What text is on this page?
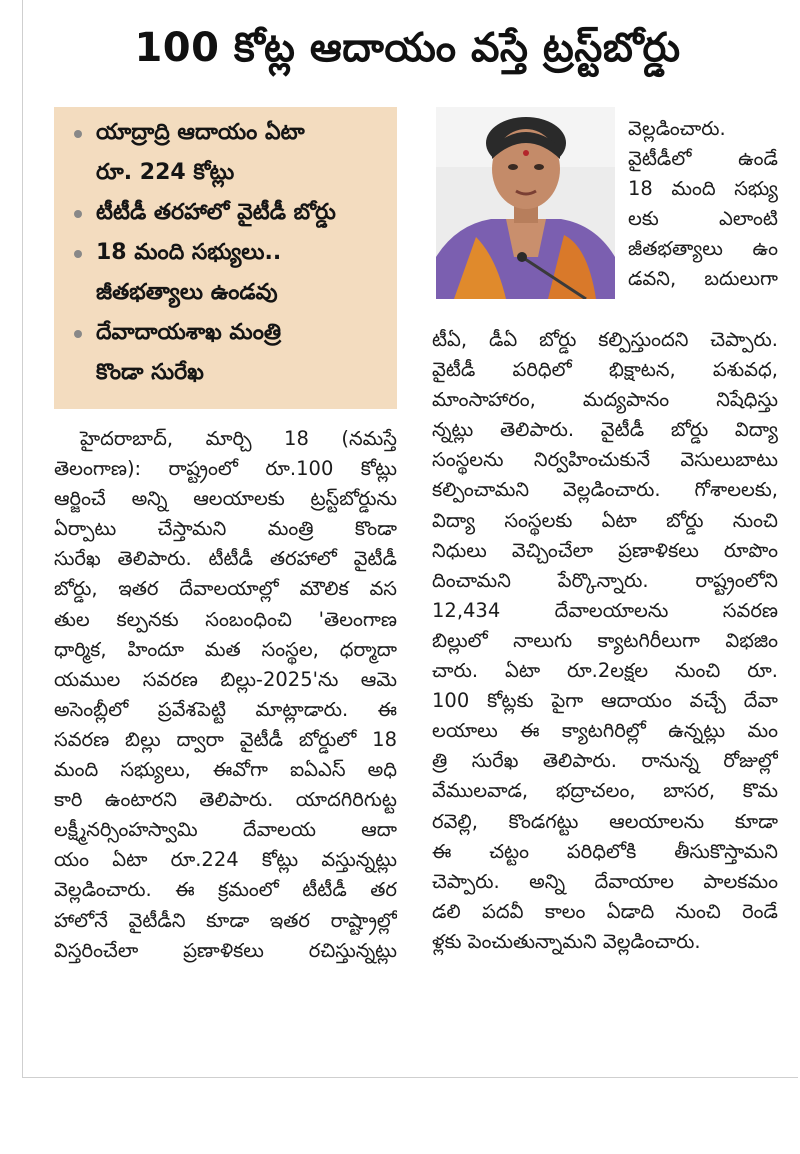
100 కోట్ల ఆదాయం వస్తే ట్రస్ట్‌బోర్డు
యాద్రాద్రి ఆదాయం ఏటా
రూ. 224 కోట్లు
టీటీడీ తరహాలో వైటీడీ బోర్డు
18 మంది సభ్యులు..
జీతభత్యాలు ఉండవు
దేవాదాయశాఖ మంత్రి
కొండా సురేఖ
హైదరాబాద్, మార్చి 18 (నమస్తే
తెలంగాణ): రాష్ట్రంలో రూ.100 కోట్లు
ఆర్జించే అన్ని ఆలయాలకు ట్రస్ట్‌బోర్డును
ఏర్పాటు చేస్తామని మంత్రి కొండా
సురేఖ తెలిపారు. టీటీడీ తరహాలో వైటీడీ
బోర్డు, ఇతర దేవాలయాల్లో మౌలిక వస
తుల కల్పనకు సంబంధించి 'తెలంగాణ
ధార్మిక, హిందూ మత సంస్థల, ధర్మాదా
యముల సవరణ బిల్లు-2025'ను ఆమె
అసెంబ్లీలో ప్రవేశపెట్టి మాట్లాడారు. ఈ
సవరణ బిల్లు ద్వారా వైటీడీ బోర్డులో 18
మంది సభ్యులు, ఈవోగా ఐఏఎస్ అధి
కారి ఉంటారని తెలిపారు. యాదగిరిగుట్ట
లక్ష్మీనర్సింహస్వామి దేవాలయ ఆదా
యం ఏటా రూ.224 కోట్లు వస్తున్నట్లు
వెల్లడించారు. ఈ క్రమంలో టీటీడీ తర
హాలోనే వైటీడీని కూడా ఇతర రాష్ట్రాల్లో
విస్తరించేలా ప్రణాళికలు రచిస్తున్నట్లు
వెల్లడించారు.
వైటీడీలో ఉండే
18 మంది సభ్యు
లకు ఎలాంటి
జీతభత్యాలు ఉం
డవని, బదులుగా
టీఏ, డీఏ బోర్డు కల్పిస్తుందని చెప్పారు.
వైటీడీ పరిధిలో భిక్షాటన, పశువధ,
మాంసాహారం, మద్యపానం నిషేధిస్తు
న్నట్లు తెలిపారు. వైటీడీ బోర్డు విద్యా
సంస్థలను నిర్వహించుకునే వెసులుబాటు
కల్పించామని వెల్లడించారు. గోశాలలకు,
విద్యా సంస్థలకు ఏటా బోర్డు నుంచి
నిధులు వెచ్చించేలా ప్రణాళికలు రూపొం
దించామని పేర్కొన్నారు. రాష్ట్రంలోని
12,434 దేవాలయాలను సవరణ
బిల్లులో నాలుగు క్యాటగిరీలుగా విభజిం
చారు. ఏటా రూ.2లక్షల నుంచి రూ.
100 కోట్లకు పైగా ఆదాయం వచ్చే దేవా
లయాలు ఈ క్యాటగిరిల్లో ఉన్నట్లు మం
త్రి సురేఖ తెలిపారు. రానున్న రోజుల్లో
వేములవాడ, భద్రాచలం, బాసర, కొమ
రవెల్లి, కొండగట్టు ఆలయాలను కూడా
ఈ చట్టం పరిధిలోకి తీసుకొస్తామని
చెప్పారు. అన్ని దేవాయాల పాలకమం
డలి పదవీ కాలం ఏడాది నుంచి రెండే
ళ్లకు పెంచుతున్నామని వెల్లడించారు.
